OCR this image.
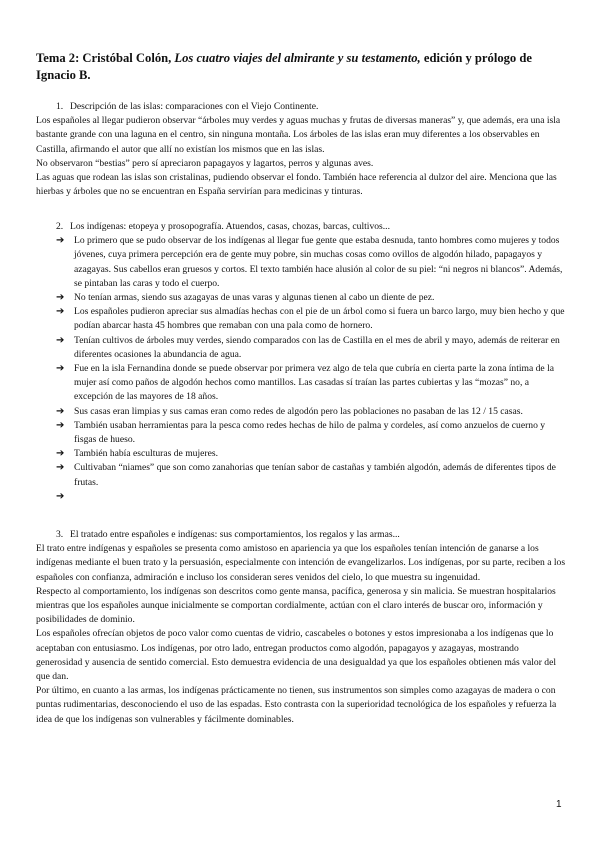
Tema 2: Cristóbal Colón, Los cuatro viajes del almirante y su testamento, edición y prólogo de Ignacio B.

1. Descripción de las islas: comparaciones con el Viejo Continente.

Los españoles al llegar pudieron observar “árboles muy verdes y aguas muchas y frutas de diversas maneras” y, que además, era una isla bastante grande con una laguna en el centro, sin ninguna montaña. Los árboles de las islas eran muy diferentes a los observables en Castilla, afirmando el autor que allí no existían los mismos que en las islas.

No observaron “bestias” pero sí apreciaron papagayos y lagartos, perros y algunas aves.

Las aguas que rodean las islas son cristalinas, pudiendo observar el fondo. También hace referencia al dulzor del aire. Menciona que las hierbas y árboles que no se encuentran en España servirían para medicinas y tinturas.

2. Los indígenas: etopeya y prosopografía. Atuendos, casas, chozas, barcas, cultivos...

➔ Lo primero que se pudo observar de los indígenas al llegar fue gente que estaba desnuda, tanto hombres como mujeres y todos jóvenes, cuya primera percepción era de gente muy pobre, sin muchas cosas como ovillos de algodón hilado, papagayos y azagayas. Sus cabellos eran gruesos y cortos. El texto también hace alusión al color de su piel: “ni negros ni blancos”. Además, se pintaban las caras y todo el cuerpo.
➔ No tenían armas, siendo sus azagayas de unas varas y algunas tienen al cabo un diente de pez.
➔ Los españoles pudieron apreciar sus almadías hechas con el pie de un árbol como si fuera un barco largo, muy bien hecho y que podían abarcar hasta 45 hombres que remaban con una pala como de hornero.
➔ Tenían cultivos de árboles muy verdes, siendo comparados con las de Castilla en el mes de abril y mayo, además de reiterar en diferentes ocasiones la abundancia de agua.
➔ Fue en la isla Fernandina donde se puede observar por primera vez algo de tela que cubría en cierta parte la zona íntima de la mujer así como paños de algodón hechos como mantillos. Las casadas sí traían las partes cubiertas y las “mozas” no, a excepción de las mayores de 18 años.
➔ Sus casas eran limpias y sus camas eran como redes de algodón pero las poblaciones no pasaban de las 12 / 15 casas.
➔ También usaban herramientas para la pesca como redes hechas de hilo de palma y cordeles, así como anzuelos de cuerno y fisgas de hueso.
➔ También había esculturas de mujeres.
➔ Cultivaban “niames” que son como zanahorias que tenían sabor de castañas y también algodón, además de diferentes tipos de frutas.
➔

3. El tratado entre españoles e indígenas: sus comportamientos, los regalos y las armas...

El trato entre indígenas y españoles se presenta como amistoso en apariencia ya que los españoles tenían intención de ganarse a los indígenas mediante el buen trato y la persuasión, especialmente con intención de evangelizarlos. Los indígenas, por su parte, reciben a los españoles con confianza, admiración e incluso los consideran seres venidos del cielo, lo que muestra su ingenuidad.

Respecto al comportamiento, los indígenas son descritos como gente mansa, pacífica, generosa y sin malicia. Se muestran hospitalarios mientras que los españoles aunque inicialmente se comportan cordialmente, actúan con el claro interés de buscar oro, información y posibilidades de dominio.

Los españoles ofrecían objetos de poco valor como cuentas de vidrio, cascabeles o botones y estos impresionaba a los indígenas que lo aceptaban con entusiasmo. Los indígenas, por otro lado, entregan productos como algodón, papagayos y azagayas, mostrando generosidad y ausencia de sentido comercial. Esto demuestra evidencia de una desigualdad ya que los españoles obtienen más valor del que dan.

Por último, en cuanto a las armas, los indígenas prácticamente no tienen, sus instrumentos son simples como azagayas de madera o con puntas rudimentarias, desconociendo el uso de las espadas. Esto contrasta con la superioridad tecnológica de los españoles y refuerza la idea de que los indígenas son vulnerables y fácilmente dominables.

1
